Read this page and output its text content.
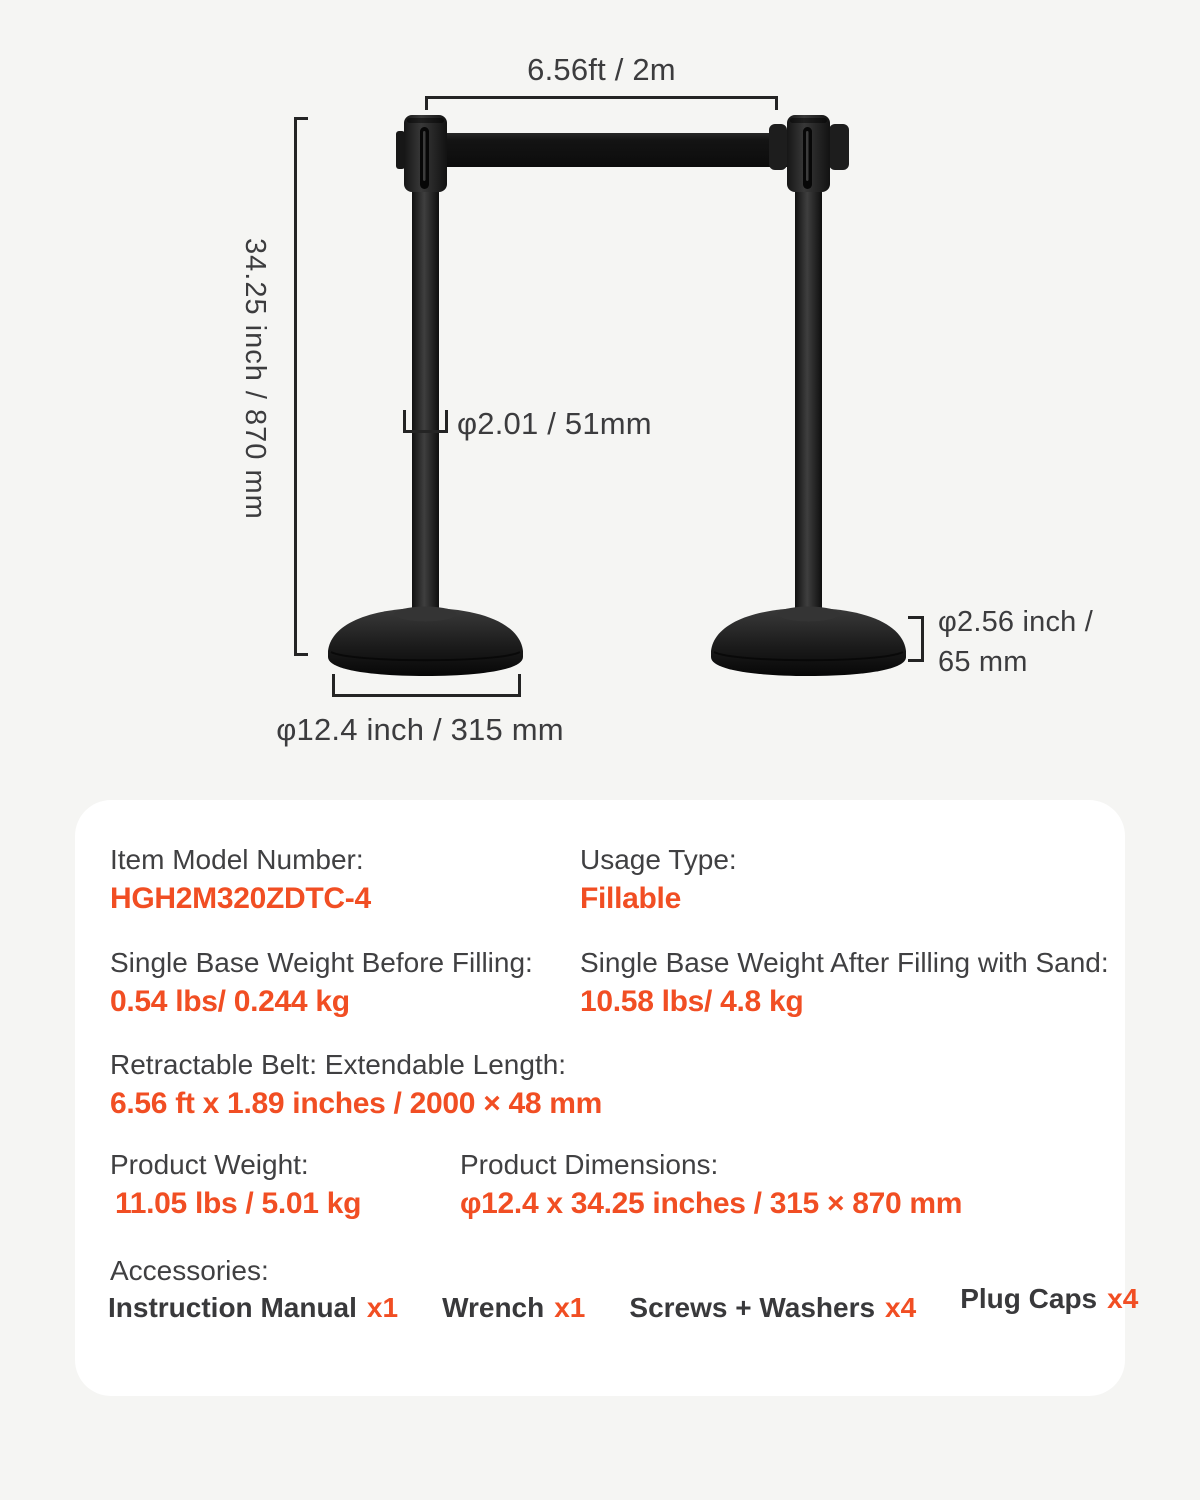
6.56ft / 2m
34.25 inch / 870 mm	φ2.01 / 51mm
φ2.56 inch /
65 mm
φ12.4 inch / 315 mm
Item Model Number:
HGH2M320ZDTC-4
Usage Type:
Fillable
Single Base Weight Before Filling:
0.54 lbs/ 0.244 kg
Single Base Weight After Filling with Sand:
10.58 lbs/ 4.8 kg
Retractable Belt: Extendable Length:
6.56 ft x 1.89 inches / 2000 × 48 mm
Product Weight:
11.05 lbs / 5.01 kg
Product Dimensions:
φ12.4 x 34.25 inches / 315 × 870 mm
Accessories:
Instruction Manual x1 Wrench x1 Screws + Washers x4 Plug Caps x4
